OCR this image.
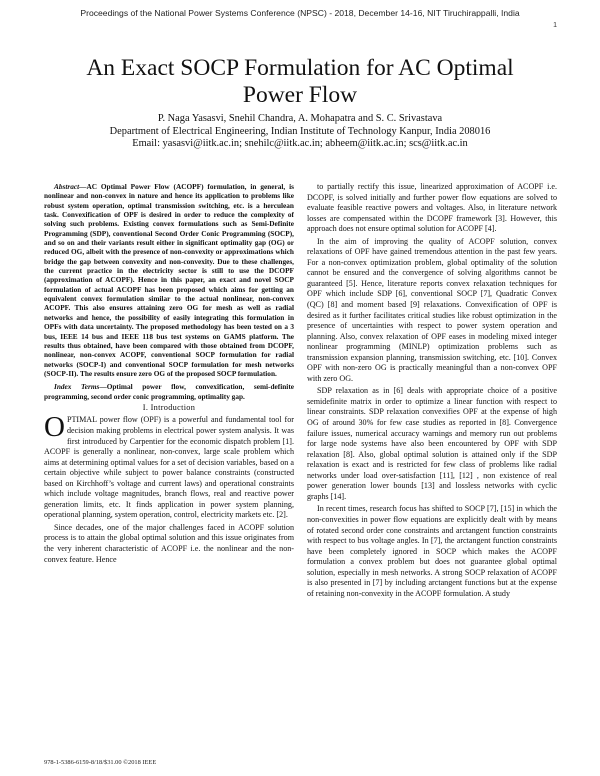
Proceedings of the National Power Systems Conference (NPSC) - 2018, December 14-16, NIT Tiruchirappalli, India
1
An Exact SOCP Formulation for AC Optimal
Power Flow
P. Naga Yasasvi, Snehil Chandra, A. Mohapatra and S. C. Srivastava
Department of Electrical Engineering, Indian Institute of Technology Kanpur, India 208016
Email: yasasvi@iitk.ac.in; snehilc@iitk.ac.in; abheem@iitk.ac.in; scs@iitk.ac.in

Abstract—AC Optimal Power Flow (ACOPF) formulation, in general, is nonlinear and non-convex in nature and hence its application to problems like robust system operation, optimal transmission switching, etc. is a herculean task. Convexification of OPF is desired in order to reduce the complexity of solving such problems. Existing convex formulations such as Semi-Definite Programming (SDP), conventional Second Order Conic Programming (SOCP), and so on and their variants result either in significant optimality gap (OG) or reduced OG, albeit with the presence of non-convexity or approximations which bridge the gap between convexity and non-convexity. Due to these challenges, the current practice in the electricity sector is still to use the DCOPF (approximation of ACOPF). Hence in this paper, an exact and novel SOCP formulation of actual ACOPF has been proposed which aims for getting an equivalent convex formulation similar to the actual nonlinear, non-convex ACOPF. This also ensures attaining zero OG for mesh as well as radial networks and hence, the possibility of easily integrating this formulation in OPFs with data uncertainty. The proposed methodology has been tested on a 3 bus, IEEE 14 bus and IEEE 118 bus test systems on GAMS platform. The results thus obtained, have been compared with those obtained from DCOPF, nonlinear, non-convex ACOPF, conventional SOCP formulation for radial networks (SOCP-I) and conventional SOCP formulation for mesh networks (SOCP-II). The results ensure zero OG of the proposed SOCP formulation.

Index Terms—Optimal power flow, convexification, semi-definite programming, second order conic programming, optimality gap.

I. Introduction

OPTIMAL power flow (OPF) is a powerful and fundamental tool for decision making problems in electrical power system analysis. It was first introduced by Carpentier for the economic dispatch problem [1]. ACOPF is generally a nonlinear, non-convex, large scale problem which aims at determining optimal values for a set of decision variables, based on a certain objective while subject to power balance constraints (constructed based on Kirchhoff’s voltage and current laws) and operational constraints which include voltage magnitudes, branch flows, real and reactive power generation limits, etc. It finds application in power system planning, operational planning, system operation, control, electricity markets etc. [2].

Since decades, one of the major challenges faced in ACOPF solution process is to attain the global optimal solution and this issue originates from the very inherent characteristic of ACOPF i.e. the nonlinear and the non-convex feature. Hence

to partially rectify this issue, linearized approximation of ACOPF i.e. DCOPF, is solved initially and further power flow equations are solved to evaluate feasible reactive powers and voltages. Also, in literature network losses are compensated within the DCOPF framework [3]. However, this approach does not ensure optimal solution for ACOPF [4].

In the aim of improving the quality of ACOPF solution, convex relaxations of OPF have gained tremendous attention in the past few years. For a non-convex optimization problem, global optimality of the solution cannot be ensured and the convergence of solving algorithms cannot be guaranteed [5]. Hence, literature reports convex relaxation techniques for OPF which include SDP [6], conventional SOCP [7], Quadratic Convex (QC) [8] and moment based [9] relaxations. Convexification of OPF is desired as it further facilitates critical studies like robust optimization in the presence of uncertainties with respect to power system operation and planning. Also, convex relaxation of OPF eases in modeling mixed integer nonlinear programming (MINLP) optimization problems such as transmission expansion planning, transmission switching, etc. [10]. Convex OPF with non-zero OG is practically meaningful than a non-convex OPF with zero OG.

SDP relaxation as in [6] deals with appropriate choice of a positive semidefinite matrix in order to optimize a linear function with respect to linear constraints. SDP relaxation convexifies OPF at the expense of high OG of around 30% for few case studies as reported in [8]. Convergence failure issues, numerical accuracy warnings and memory run out problems for large node systems have also been encountered by OPF with SDP relaxation [8]. Also, global optimal solution is attained only if the SDP relaxation is exact and is restricted for few class of problems like radial networks under load over-satisfaction [11], [12] , non existence of real power generation lower bounds [13] and lossless networks with cyclic graphs [14].

In recent times, research focus has shifted to SOCP [7], [15] in which the non-convexities in power flow equations are explicitly dealt with by means of rotated second order cone constraints and arctangent function constraints with respect to bus voltage angles. In [7], the arctangent function constraints have been completely ignored in SOCP which makes the ACOPF formulation a convex problem but does not guarantee global optimal solution, especially in mesh networks. A strong SOCP relaxation of ACOPF is also presented in [7] by including arctangent functions but at the expense of retaining non-convexity in the ACOPF formulation. A study

978-1-5386-6159-8/18/$31.00 ©2018 IEEE
